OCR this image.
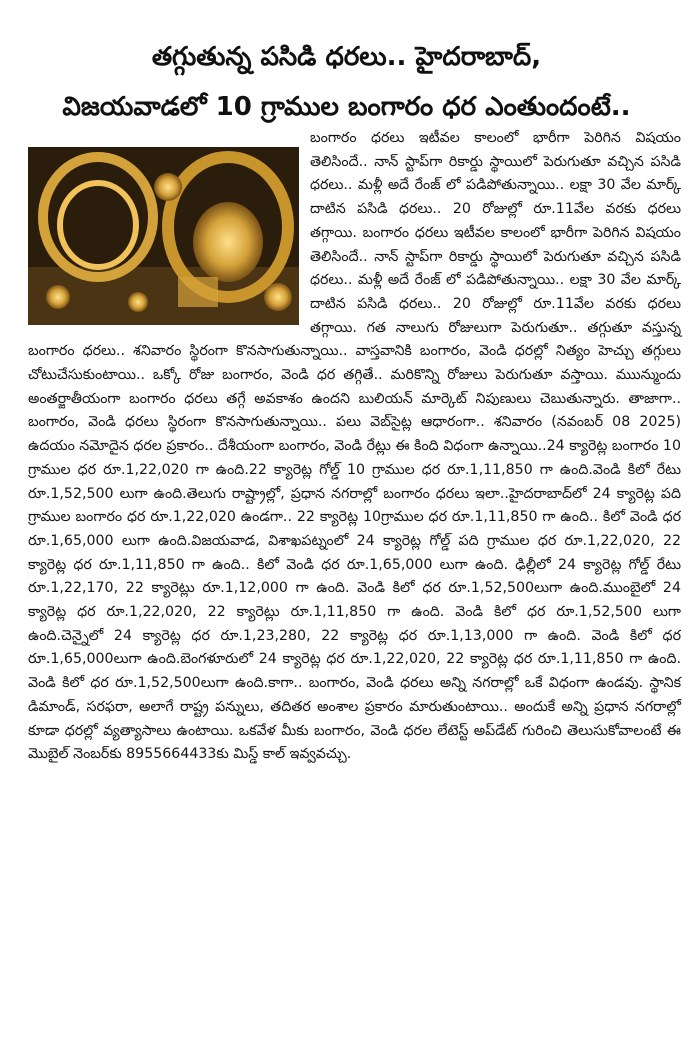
తగ్గుతున్న పసిడి ధరలు.. హైదరాబాద్,
విజయవాడలో 10 గ్రాముల బంగారం ధర ఎంతుందంటే..

బంగారం ధరలు ఇటీవల కాలంలో భారీగా పెరిగిన విషయం తెలిసిందే.. నాన్ స్టాప్‌గా రికార్డు స్థాయిలో పెరుగుతూ వచ్చిన పసిడి ధరలు.. మళ్లీ అదే రేంజ్ లో పడిపోతున్నాయి.. లక్షా 30 వేల మార్క్ దాటిన పసిడి ధరలు.. 20 రోజుల్లో రూ.11వేల వరకు ధరలు తగ్గాయి. బంగారం ధరలు ఇటీవల కాలంలో భారీగా పెరిగిన విషయం తెలిసిందే.. నాన్ స్టాప్‌గా రికార్డు స్థాయిలో పెరుగుతూ వచ్చిన పసిడి ధరలు.. మళ్లీ అదే రేంజ్ లో పడిపోతున్నాయి.. లక్షా 30 వేల మార్క్ దాటిన పసిడి ధరలు.. 20 రోజుల్లో రూ.11వేల వరకు ధరలు తగ్గాయి. గత నాలుగు రోజులుగా పెరుగుతూ.. తగ్గుతూ వస్తున్న బంగారం ధరలు.. శనివారం స్థిరంగా కొనసాగుతున్నాయి.. వాస్తవానికి బంగారం, వెండి ధరల్లో నిత్యం హెచ్చు తగ్గులు చోటుచేసుకుంటాయి.. ఒక్కో రోజు బంగారం, వెండి ధర తగ్గితే.. మరికొన్ని రోజులు పెరుగుతూ వస్తాయి. ముున్ముందు అంతర్జాతీయంగా బంగారం ధరలు తగ్గే అవకాశం ఉందని బులియన్ మార్కెట్ నిపుణులు చెబుతున్నారు. తాజాగా.. బంగారం, వెండి ధరలు స్థిరంగా కొనసాగుతున్నాయి.. పలు వెబ్‌సైట్ల ఆధారంగా.. శనివారం (నవంబర్ 08 2025) ఉదయం నమోదైన ధరల ప్రకారం.. దేశీయంగా బంగారం, వెండి రేట్లు ఈ కింది విధంగా ఉన్నాయి..24 క్యారెట్ల బంగారం 10 గ్రాముల ధర రూ.1,22,020 గా ఉంది.22 క్యారెట్ల గోల్డ్ 10 గ్రాముల ధర రూ.1,11,850 గా ఉంది.వెండి కిలో రేటు రూ.1,52,500 లుగా ఉంది.తెలుగు రాష్ట్రాల్లో, ప్రధాన నగరాల్లో బంగారం ధరలు ఇలా..హైదరాబాద్‌లో 24 క్యారెట్ల పది గ్రాముల బంగారం ధర రూ.1,22,020 ఉండగా.. 22 క్యారెట్ల 10గ్రాముల ధర రూ.1,11,850 గా ఉంది.. కిలో వెండి ధర రూ.1,65,000 లుగా ఉంది.విజయవాడ, విశాఖపట్నంలో 24 క్యారెట్ల గోల్డ్ పది గ్రాముల ధర రూ.1,22,020, 22 క్యారెట్ల ధర రూ.1,11,850 గా ఉంది.. కిలో వెండి ధర రూ.1,65,000 లుగా ఉంది. ఢిల్లీలో 24 క్యారెట్ల గోల్డ్ రేటు రూ.1,22,170, 22 క్యారెట్లు రూ.1,12,000 గా ఉంది. వెండి కిలో ధర రూ.1,52,500లుగా ఉంది.ముంబైలో 24 క్యారెట్ల ధర రూ.1,22,020, 22 క్యారెట్లు రూ.1,11,850 గా ఉంది. వెండి కిలో ధర రూ.1,52,500 లుగా ఉంది.చెన్నైలో 24 క్యారెట్ల ధర రూ.1,23,280, 22 క్యారెట్ల ధర రూ.1,13,000 గా ఉంది. వెండి కిలో ధర రూ.1,65,000లుగా ఉంది.బెంగళూరులో 24 క్యారెట్ల ధర రూ.1,22,020, 22 క్యారెట్ల ధర రూ.1,11,850 గా ఉంది. వెండి కిలో ధర రూ.1,52,500లుగా ఉంది.కాగా.. బంగారం, వెండి ధరలు అన్ని నగరాల్లో ఒకే విధంగా ఉండవు. స్థానిక డిమాండ్, సరఫరా, అలాగే రాష్ట్ర పన్నులు, తదితర అంశాల ప్రకారం మారుతుంటాయి.. అందుకే అన్ని ప్రధాన నగరాల్లో కూడా ధరల్లో వ్యత్యాసాలు ఉంటాయి. ఒకవేళ మీకు బంగారం, వెండి ధరల లేటెస్ట్ అప్‌డేట్ గురించి తెలుసుకోవాలంటే ఈ మొబైల్ నెంబర్‌కు 8955664433కు మిస్డ్ కాల్ ఇవ్వవచ్చు.
